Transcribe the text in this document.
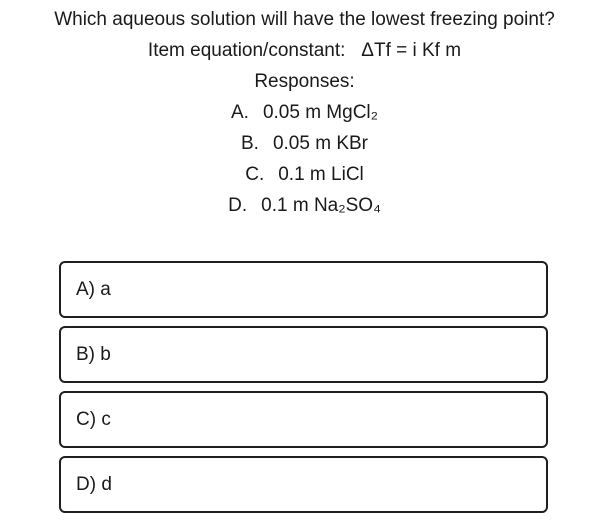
Which aqueous solution will have the lowest freezing point?
Item equation/constant:   ΔTf = i Kf m
Responses:
A. 0.05 m MgCl₂
B. 0.05 m KBr
C. 0.1 m LiCl
D. 0.1 m Na₂SO₄
A) a
B) b
C) c
D) d
